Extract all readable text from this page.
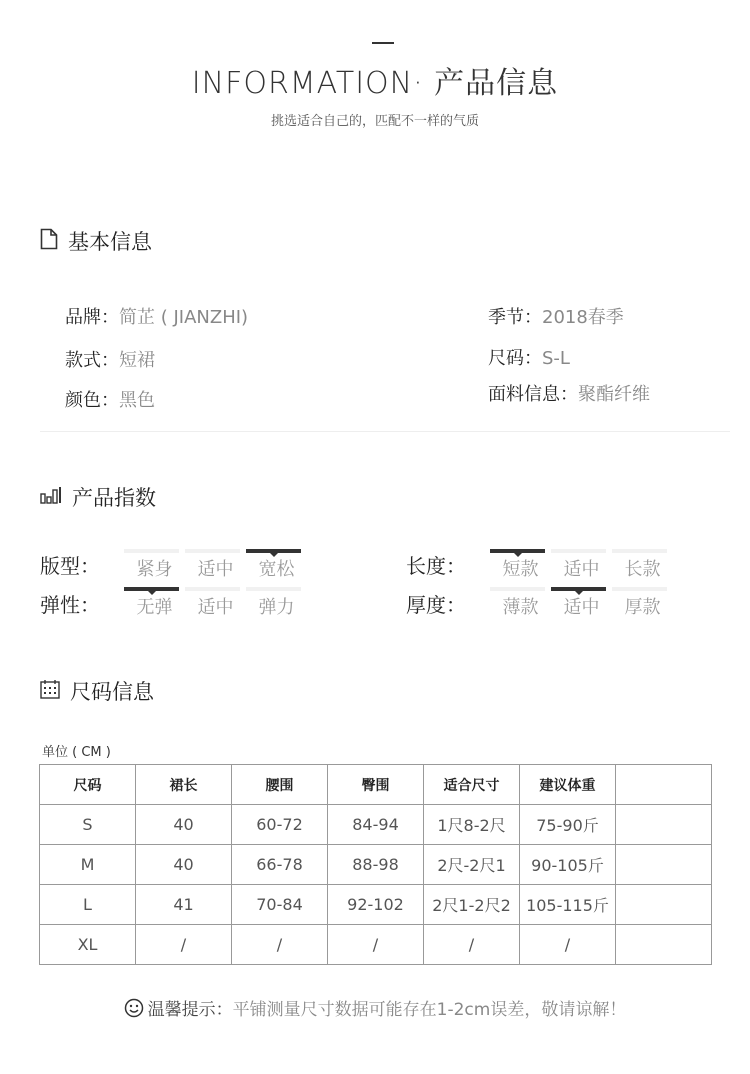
INFORMATION· 产品信息
挑选适合自己的，匹配不一样的气质
基本信息
品牌：简芷 ( JIANZHI)
款式：短裙
颜色：黑色
季节：2018春季
尺码：S-L
面料信息：聚酯纤维
产品指数
版型：	紧身	适中	宽松	长度：	短款	适中	长款
弹性：	无弹	适中	弹力	厚度：	薄款	适中	厚款
尺码信息
单位 ( CM )
尺码	裙长	腰围	臀围	适合尺寸	建议体重	
S	40	60-72	84-94	1尺8-2尺	75-90斤	
M	40	66-78	88-98	2尺-2尺1	90-105斤	
L	41	70-84	92-102	2尺1-2尺2	105-115斤	
XL	/	/	/	/	/	
温馨提示：平铺测量尺寸数据可能存在1-2cm误差，敬请谅解！
